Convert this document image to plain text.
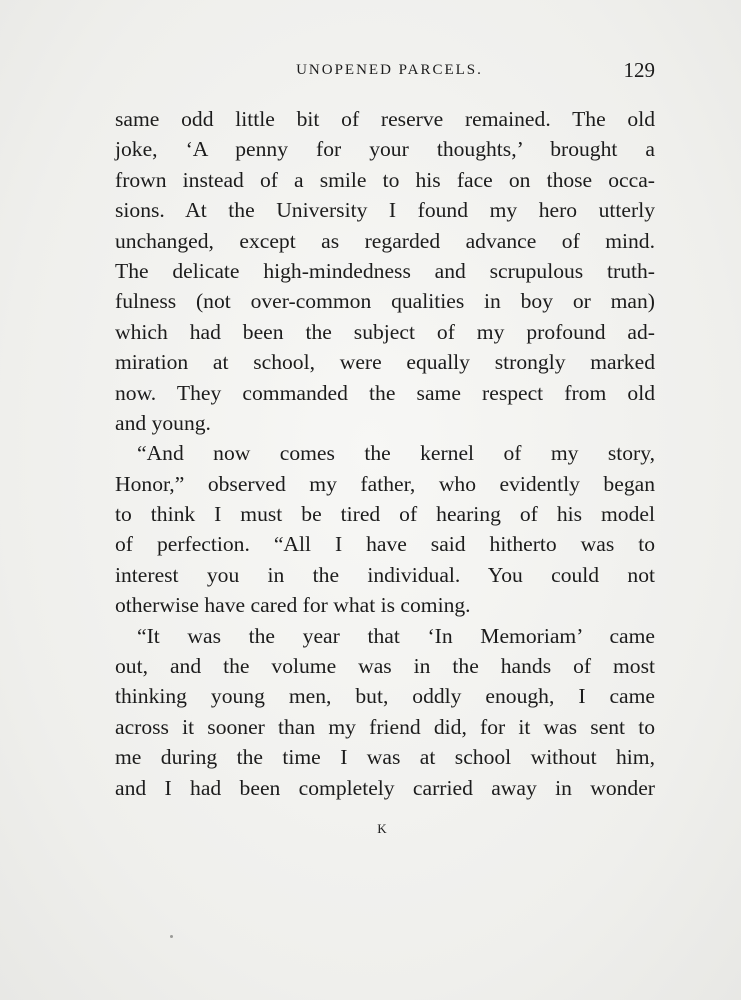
UNOPENED PARCELS.	129
same odd little bit of reserve remained. The old
joke, ‘A penny for your thoughts,’ brought a
frown instead of a smile to his face on those occa-
sions. At the University I found my hero utterly
unchanged, except as regarded advance of mind.
The delicate high-mindedness and scrupulous truth-
fulness (not over-common qualities in boy or man)
which had been the subject of my profound ad-
miration at school, were equally strongly marked
now. They commanded the same respect from old
and young.
“And now comes the kernel of my story,
Honor,” observed my father, who evidently began
to think I must be tired of hearing of his model
of perfection. “All I have said hitherto was to
interest you in the individual. You could not
otherwise have cared for what is coming.
“It was the year that ‘In Memoriam’ came
out, and the volume was in the hands of most
thinking young men, but, oddly enough, I came
across it sooner than my friend did, for it was sent to
me during the time I was at school without him,
and I had been completely carried away in wonder
K
